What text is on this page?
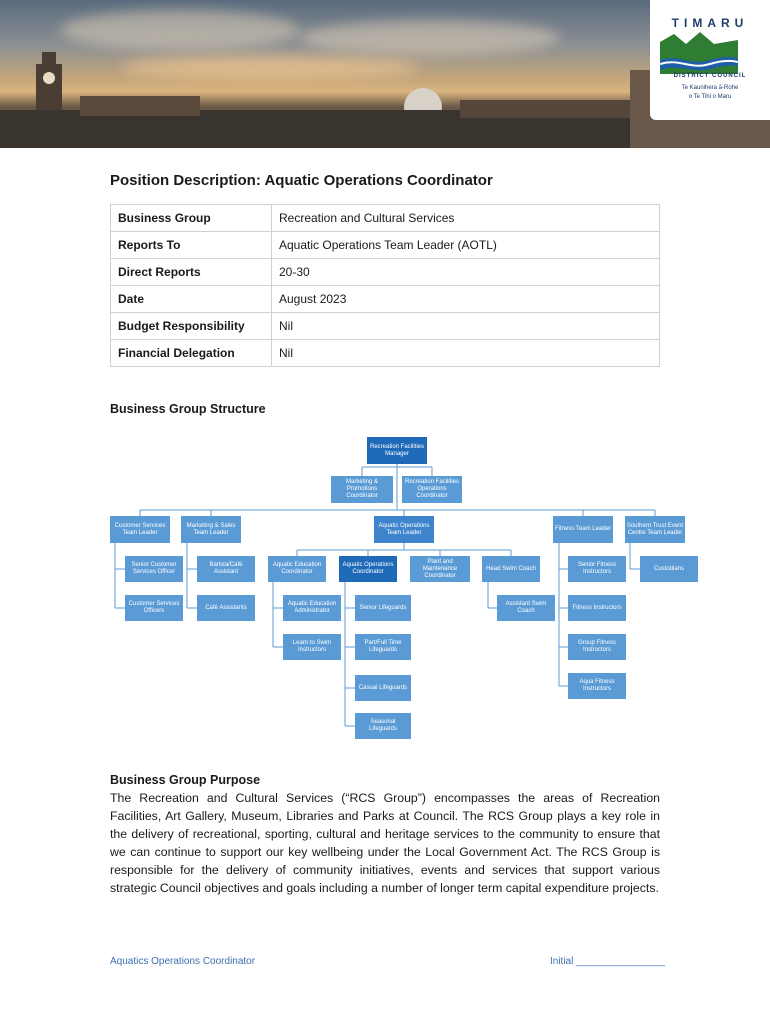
TIMARU
DISTRICT COUNCIL
Te Kaunihera ā-Rohe
o Te Tihi o Maru
Position Description: Aquatic Operations Coordinator
Business Group	Recreation and Cultural Services
Reports To	Aquatic Operations Team Leader (AOTL)
Direct Reports	20-30
Date	August 2023
Budget Responsibility	Nil
Financial Delegation	Nil
Business Group Structure
Recreation Facilities Manager
Marketing & Promotions Coordinator
Recreation Facilities Operations Coordinator
Customer Services Team Leader
Marketing & Sales Team Leader
Aquatic Operations Team Leader
Fitness Team Leader
Southern Trust Event Centre Team Leader
Senior Customer Services Officer
Customer Services Officers
Barista/Café Assistant
Café Assistants
Aquatic Education Coordinator
Aquatic Education Administrator
Learn to Swim Instructors
Aquatic Operations Coordinator
Senior Lifeguards
Part/Full Time Lifeguards
Casual Lifeguards
Seasonal Lifeguards
Plant and Maintenance Coordinator
Head Swim Coach
Assistant Swim Coach
Senior Fitness Instructors
Fitness Instructors
Group Fitness Instructors
Aqua Fitness Instructors
Custodians
Business Group Purpose
The Recreation and Cultural Services (“RCS Group”) encompasses the areas of Recreation Facilities, Art Gallery, Museum, Libraries and Parks at Council. The RCS Group plays a key role in the delivery of recreational, sporting, cultural and heritage services to the community to ensure that we can continue to support our key wellbeing under the Local Government Act. The RCS Group is responsible for the delivery of community initiatives, events and services that support various strategic Council objectives and goals including a number of longer term capital expenditure projects.
Aquatics Operations Coordinator	Initial ________________
